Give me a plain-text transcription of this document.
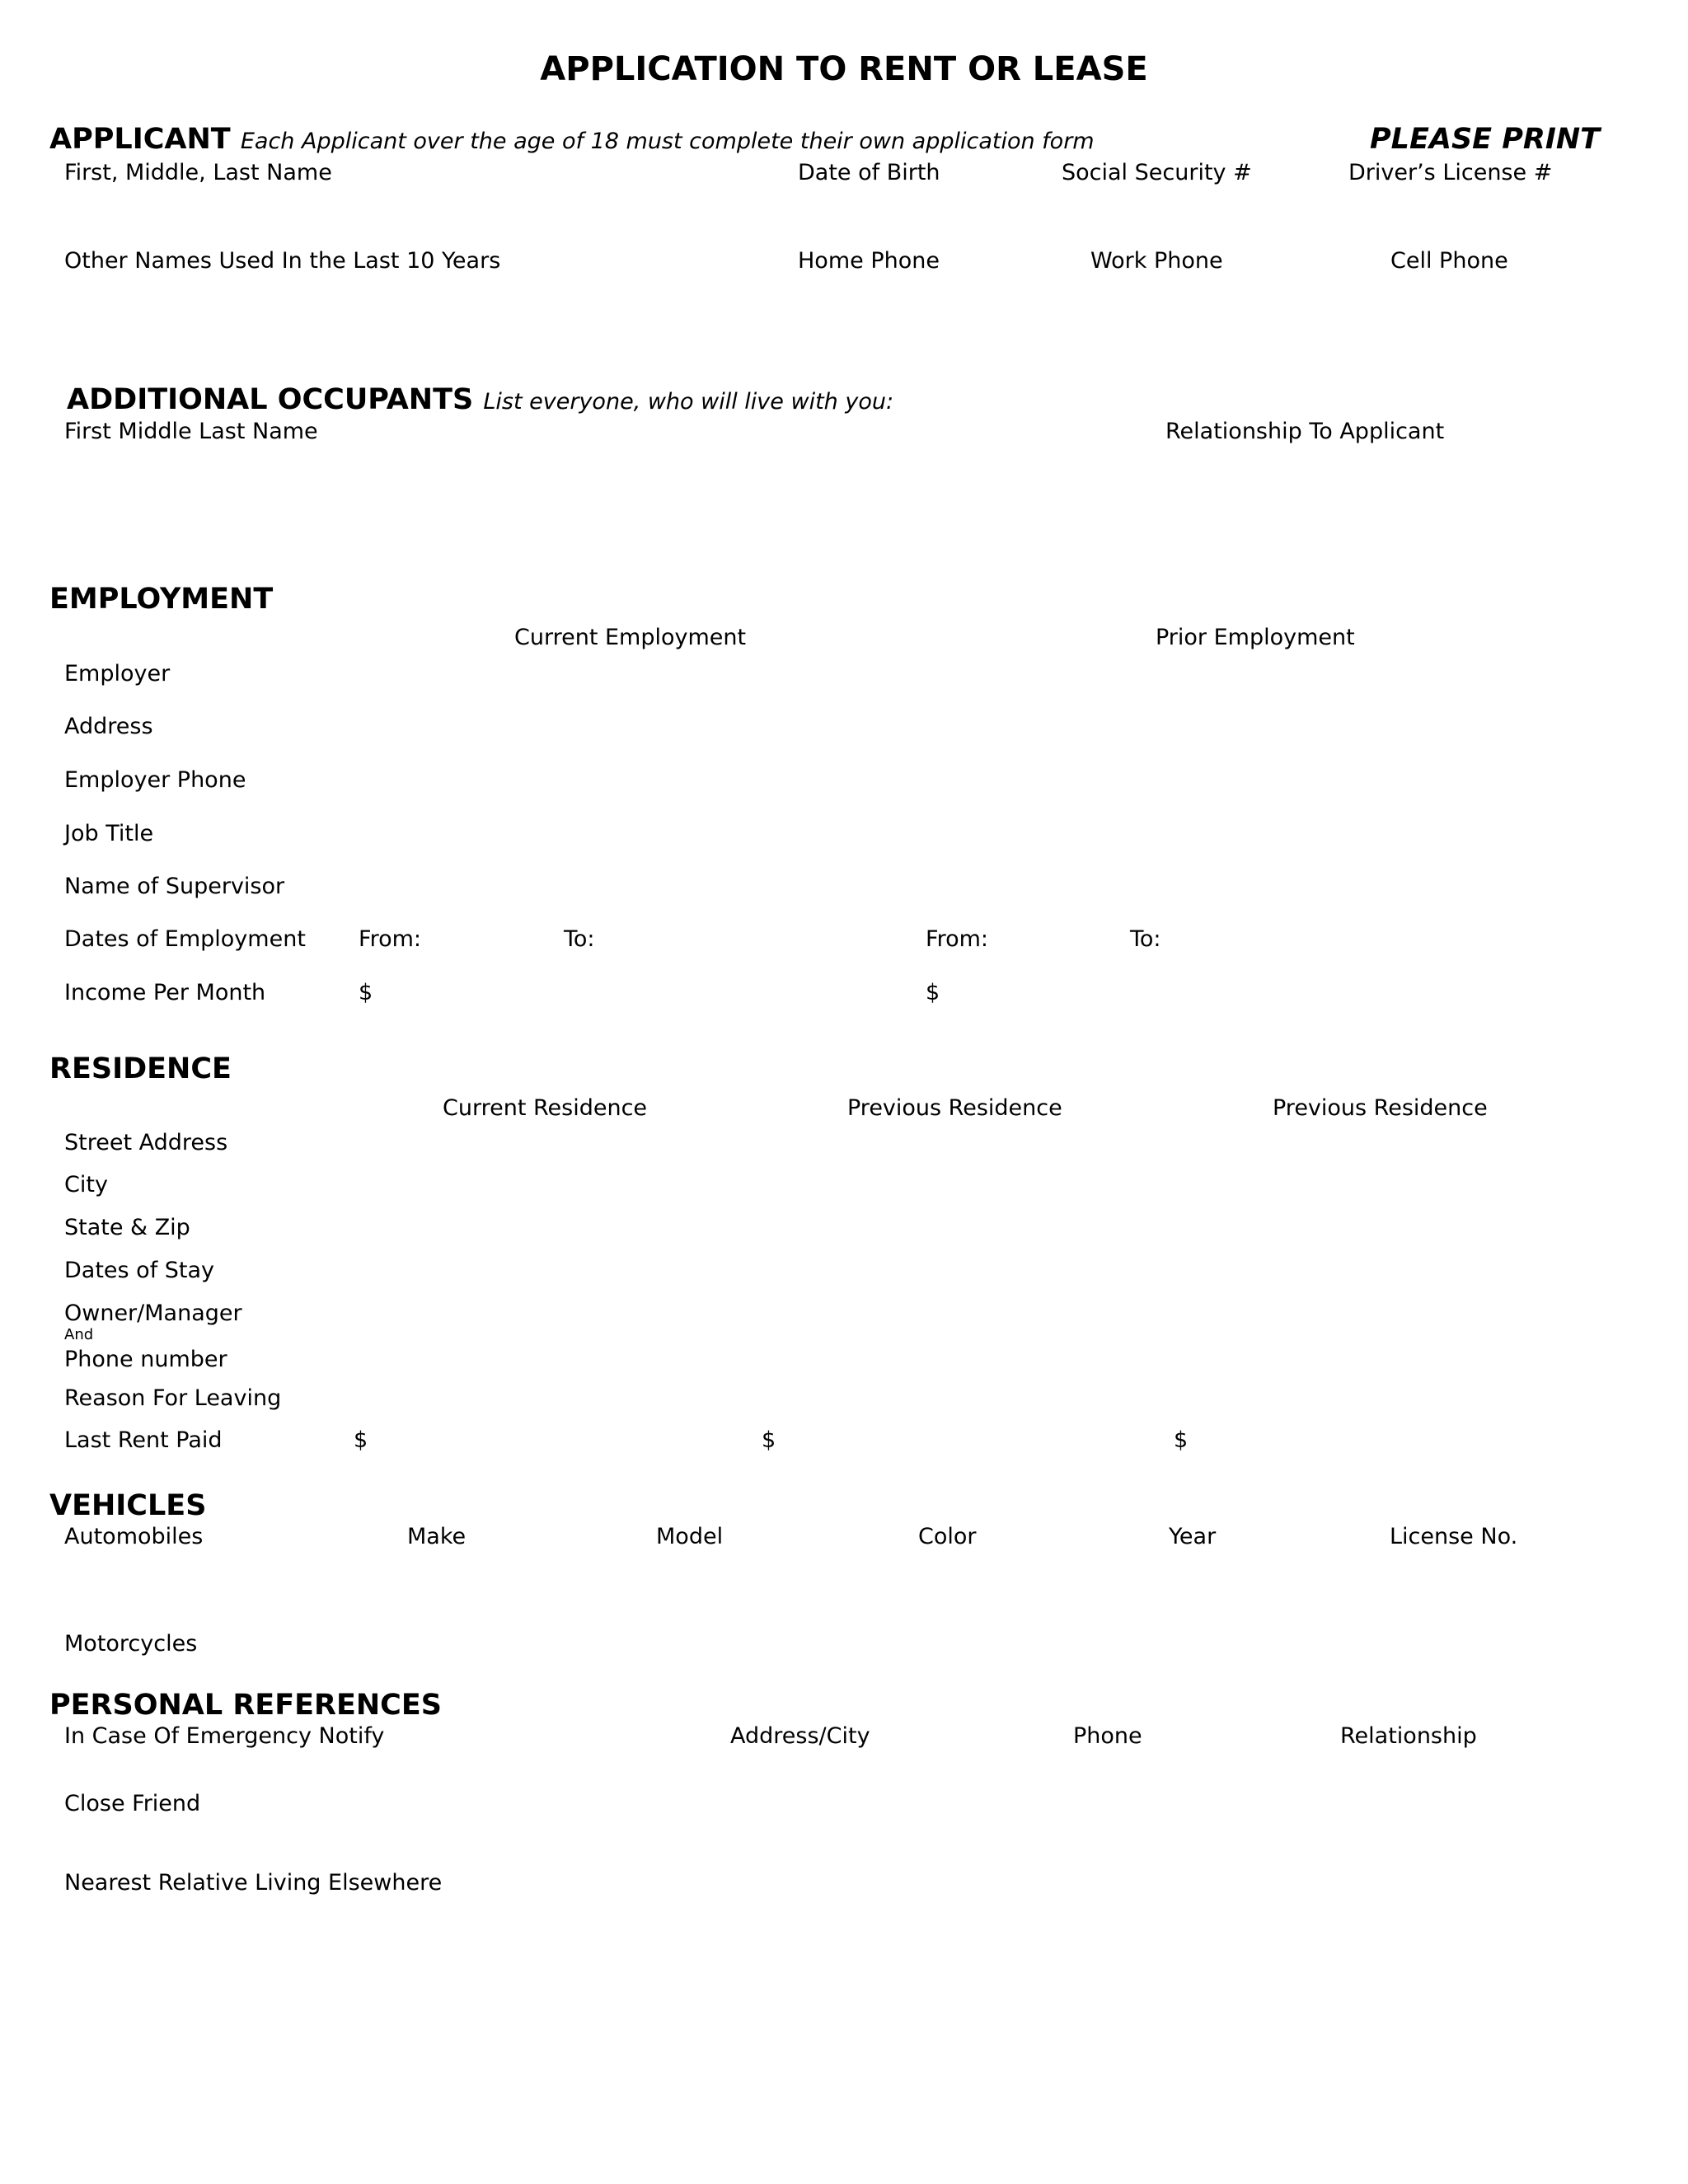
APPLICATION TO RENT OR LEASE
APPLICANT Each Applicant over the age of 18 must complete their own application form	PLEASE PRINT
First, Middle, Last Name	Date of Birth	Social Security #	Driver’s License #
Other Names Used In the Last 10 Years	Home Phone	Work Phone	Cell Phone
ADDITIONAL OCCUPANTS List everyone, who will live with you:
First Middle Last Name	Relationship To Applicant
EMPLOYMENT
Current Employment	Prior Employment
Employer
Address
Employer Phone
Job Title
Name of Supervisor
Dates of Employment From:	To:	From:	To:
Income Per Month	$	$
RESIDENCE
Current Residence	Previous Residence	Previous Residence
Street Address
City
State & Zip
Dates of Stay
Owner/Manager
And
Phone number
Reason For Leaving
Last Rent Paid	$	$	$
VEHICLES
Automobiles	Make	Model	Color	Year	License No.
Motorcycles
PERSONAL REFERENCES
In Case Of Emergency Notify	Address/City	Phone	Relationship
Close Friend
Nearest Relative Living Elsewhere
